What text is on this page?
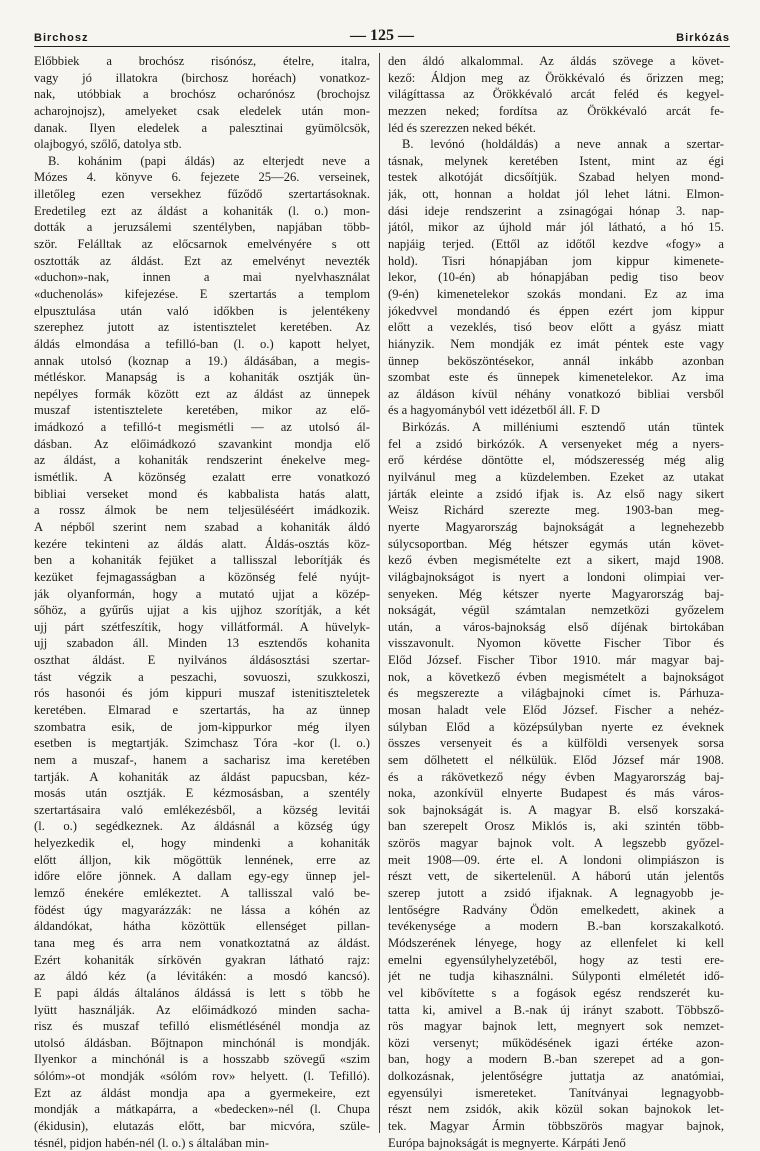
Birchosz	— 125 —	Birkózás
Előbbiek a brochósz risónósz, ételre, italra,
vagy jó illatokra (birchosz horéach) vonatkoz-
nak, utóbbiak a brochósz ocharónósz (brochojsz
acharojnojsz), amelyeket csak eledelek után mon-
danak. Ilyen eledelek a palesztinai gyümölcsök,
olajbogyó, szőlő, datolya stb.
B. kohánim (papi áldás) az elterjedt neve a
Mózes 4. könyve 6. fejezete 25—26. verseinek,
illetőleg ezen versekhez fűződő szertartásoknak.
Eredetileg ezt az áldást a kohaniták (l. o.) mon-
dották a jeruzsálemi szentélyben, napjában több-
ször. Felálltak az előcsarnok emelvényére s ott
osztották az áldást. Ezt az emelvényt nevezték
«duchon»-nak, innen a mai nyelvhasználat
«duchenolás» kifejezése. E szertartás a templom
elpusztulása után való időkben is jelentékeny
szerephez jutott az istentisztelet keretében. Az
áldás elmondása a tefilló-ban (l. o.) kapott helyet,
annak utolsó (koznap a 19.) áldásában, a megis-
métléskor. Manapság is a kohaniták osztják ün-
nepélyes formák között ezt az áldást az ünnepek
muszaf istentisztelete keretében, mikor az elő-
imádkozó a tefilló-t megismétli — az utolsó ál-
dásban. Az előimádkozó szavankint mondja elő
az áldást, a kohaniták rendszerint énekelve meg-
ismétlik. A közönség ezalatt erre vonatkozó
bibliai verseket mond és kabbalista hatás alatt,
a rossz álmok be nem teljesüléséért imádkozik.
A népből szerint nem szabad a kohaniták áldó
kezére tekinteni az áldás alatt. Áldás-osztás köz-
ben a kohaniták fejüket a tallisszal leborítják és
kezüket fejmagasságban a közönség felé nyújt-
ják olyanformán, hogy a mutató ujjat a közép-
sőhöz, a gyűrűs ujjat a kis ujjhoz szorítják, a két
ujj párt szétfeszítik, hogy villátformál. A hüvelyk-
ujj szabadon áll. Minden 13 esztendős kohanita
oszthat áldást. E nyilvános áldásosztási szertar-
tást végzik a peszachi, sovuoszi, szukkoszi,
rós hasonói és jóm kippuri muszaf istenitiszteletek
keretében. Elmarad e szertartás, ha az ünnep
szombatra esik, de jom-kippurkor még ilyen
esetben is megtartják. Szimchasz Tóra -kor (l. o.)
nem a muszaf-, hanem a sacharisz ima keretében
tartják. A kohaniták az áldást papucsban, kéz-
mosás után osztják. E kézmosásban, a szentély
szertartásaira való emlékezésből, a község levitái
(l. o.) segédkeznek. Az áldásnál a község úgy
helyezkedik el, hogy mindenki a kohaniták
előtt álljon, kik mögöttük lennének, erre az
időre előre jönnek. A dallam egy-egy ünnep jel-
lemző énekére emlékeztet. A tallisszal való be-
födést úgy magyarázzák: ne lássa a kóhén az
áldandókat, hátha közöttük ellenséget pillan-
tana meg és arra nem vonatkoztatná az áldást.
Ezért kohaniták sírkövén gyakran látható rajz:
az áldó kéz (a lévitákén: a mosdó kancsó).
E papi áldás általános áldássá is lett s több he
lyütt használják. Az előimádkozó minden sacha-
risz és muszaf tefilló elismétlésénél mondja az
utolsó áldásban. Bőjtnapon minchónál is mondják.
Ilyenkor a minchónál is a hosszabb szövegű «szim
sólóm»-ot mondják «sólóm rov» helyett. (l. Tefilló).
Ezt az áldást mondja apa a gyermekeire, ezt
mondják a mátkapárra, a «bedecken»-nél (l. Chupa
(ékidusin), elutazás előtt, bar micvóra, szüle-
tésnél, pidjon habén-nél (l. o.) s általában min-
den áldó alkalommal. Az áldás szövege a követ-
kező: Áldjon meg az Örökkévaló és őrizzen meg;
világíttassa az Örökkévaló arcát feléd és kegyel-
mezzen neked; fordítsa az Örökkévaló arcát fe-
léd és szerezzen neked békét.
B. levónó (holdáldás) a neve annak a szertar-
tásnak, melynek keretében Istent, mint az égi
testek alkotóját dicsőítjük. Szabad helyen mond-
ják, ott, honnan a holdat jól lehet látni. Elmon-
dási ideje rendszerint a zsinagógai hónap 3. nap-
jától, mikor az újhold már jól látható, a hó 15.
napjáig terjed. (Ettől az időtől kezdve «fogy» a
hold). Tisri hónapjában jom kippur kimenete-
lekor, (10-én) ab hónapjában pedig tiso beov
(9-én) kimenetelekor szokás mondani. Ez az ima
jókedvvel mondandó és éppen ezért jom kippur
előtt a vezeklés, tisó beov előtt a gyász miatt
hiányzik. Nem mondják ez imát péntek este vagy
ünnep beköszöntésekor, annál inkább azonban
szombat este és ünnepek kimenetelekor. Az ima
az áldáson kívül néhány vonatkozó bibliai versből
és a hagyományból vett idézetből áll. F. D
Birkózás. A milléniumi esztendő után tüntek
fel a zsidó birkózók. A versenyeket még a nyers-
erő kérdése döntötte el, módszeresség még alig
nyilvánul meg a küzdelemben. Ezeket az utakat
járták eleinte a zsidó ifjak is. Az első nagy sikert
Weisz Richárd szerezte meg. 1903-ban meg-
nyerte Magyarország bajnokságát a legnehezebb
súlycsoportban. Még hétszer egymás után követ-
kező évben megismételte ezt a sikert, majd 1908.
világbajnokságot is nyert a londoni olimpiai ver-
senyeken. Még kétszer nyerte Magyarország baj-
nokságát, végül számtalan nemzetközi győzelem
után, a város-bajnokság első díjénak birtokában
visszavonult. Nyomon követte Fischer Tibor és
Előd József. Fischer Tibor 1910. már magyar baj-
nok, a következő évben megismételt a bajnokságot
és megszerezte a világbajnoki címet is. Párhuza-
mosan haladt vele Előd József. Fischer a nehéz-
súlyban Előd a középsúlyban nyerte ez éveknek
összes versenyeit és a külföldi versenyek sorsa
sem dőlhetett el nélkülük. Előd József már 1908.
és a rákövetkező négy évben Magyarország baj-
noka, azonkívül elnyerte Budapest és más város-
sok bajnokságát is. A magyar B. első korszaká-
ban szerepelt Orosz Miklós is, aki szintén több-
szörös magyar bajnok volt. A legszebb győzel-
meit 1908—09. érte el. A londoni olimpiászon is
részt vett, de sikertelenül. A háború után jelentős
szerep jutott a zsidó ifjaknak. A legnagyobb je-
lentőségre Radvány Ödön emelkedett, akinek a
tevékenysége a modern B.-ban korszakalkotó.
Módszerének lényege, hogy az ellenfelet ki kell
emelni egyensúlyhelyzetéből, hogy az testi ere-
jét ne tudja kihasználni. Súlyponti elméletét idő-
vel kibővítette s a fogások egész rendszerét ku-
tatta ki, amivel a B.-nak új irányt szabott. Többsző-
rös magyar bajnok lett, megnyert sok nemzet-
közi versenyt; működésének igazi értéke azon-
ban, hogy a modern B.-ban szerepet ad a gon-
dolkozásnak, jelentőségre juttatja az anatómiai,
egyensúlyi ismereteket. Tanítványai legnagyobb-
részt nem zsidók, akik közül sokan bajnokok let-
tek. Magyar Ármin többszörös magyar bajnok,
Európa bajnokságát is megnyerte. Kárpáti Jenő
